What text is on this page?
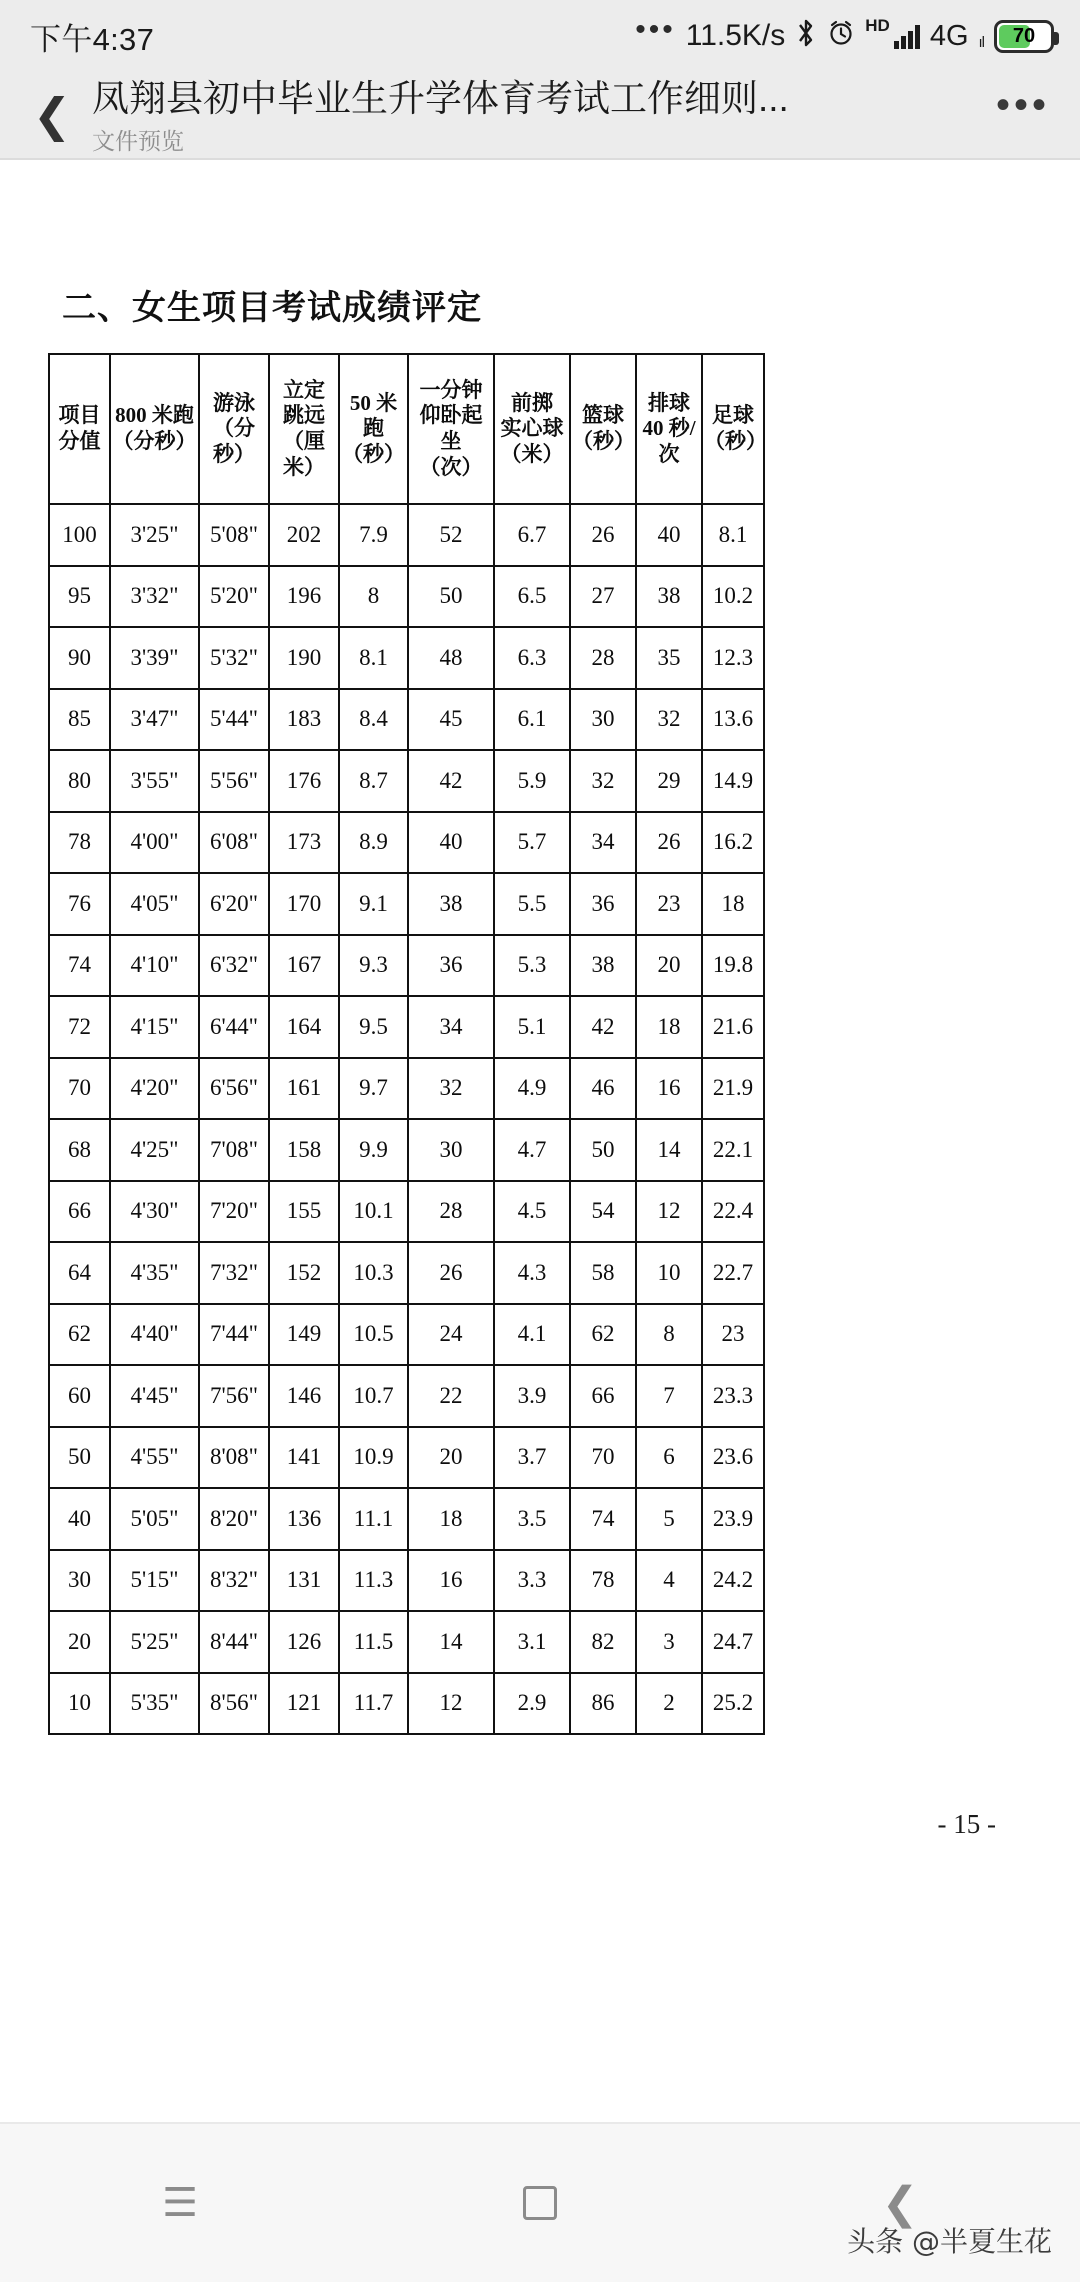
下午4:37	••• 11.5K/s	HD 4G ıl 70
❮ 凤翔县初中毕业生升学体育考试工作细则...
文件预览
•••
二、女生项目考试成绩评定
项目
分值

800 米跑
（分秒）

游泳
（分
秒）

立定
跳远
（厘米）

50 米
跑
（秒）

一分钟
仰卧起
坐
（次）

前掷
实心球
（米）

篮球
（秒）

排球
40 秒/
次

足球
（秒）

100	3'25"	5'08"	202	7.9	52	6.7	26	40	8.1
95	3'32"	5'20"	196	8	50	6.5	27	38	10.2
90	3'39"	5'32"	190	8.1	48	6.3	28	35	12.3
85	3'47"	5'44"	183	8.4	45	6.1	30	32	13.6
80	3'55"	5'56"	176	8.7	42	5.9	32	29	14.9
78	4'00"	6'08"	173	8.9	40	5.7	34	26	16.2
76	4'05"	6'20"	170	9.1	38	5.5	36	23	18
74	4'10"	6'32"	167	9.3	36	5.3	38	20	19.8
72	4'15"	6'44"	164	9.5	34	5.1	42	18	21.6
70	4'20"	6'56"	161	9.7	32	4.9	46	16	21.9
68	4'25"	7'08"	158	9.9	30	4.7	50	14	22.1
66	4'30"	7'20"	155	10.1	28	4.5	54	12	22.4
64	4'35"	7'32"	152	10.3	26	4.3	58	10	22.7
62	4'40"	7'44"	149	10.5	24	4.1	62	8	23
60	4'45"	7'56"	146	10.7	22	3.9	66	7	23.3
50	4'55"	8'08"	141	10.9	20	3.7	70	6	23.6
40	5'05"	8'20"	136	11.1	18	3.5	74	5	23.9
30	5'15"	8'32"	131	11.3	16	3.3	78	4	24.2
20	5'25"	8'44"	126	11.5	14	3.1	82	3	24.7
10	5'35"	8'56"	121	11.7	12	2.9	86	2	25.2
- 15 -
☰	❮
头条 @半夏生花
